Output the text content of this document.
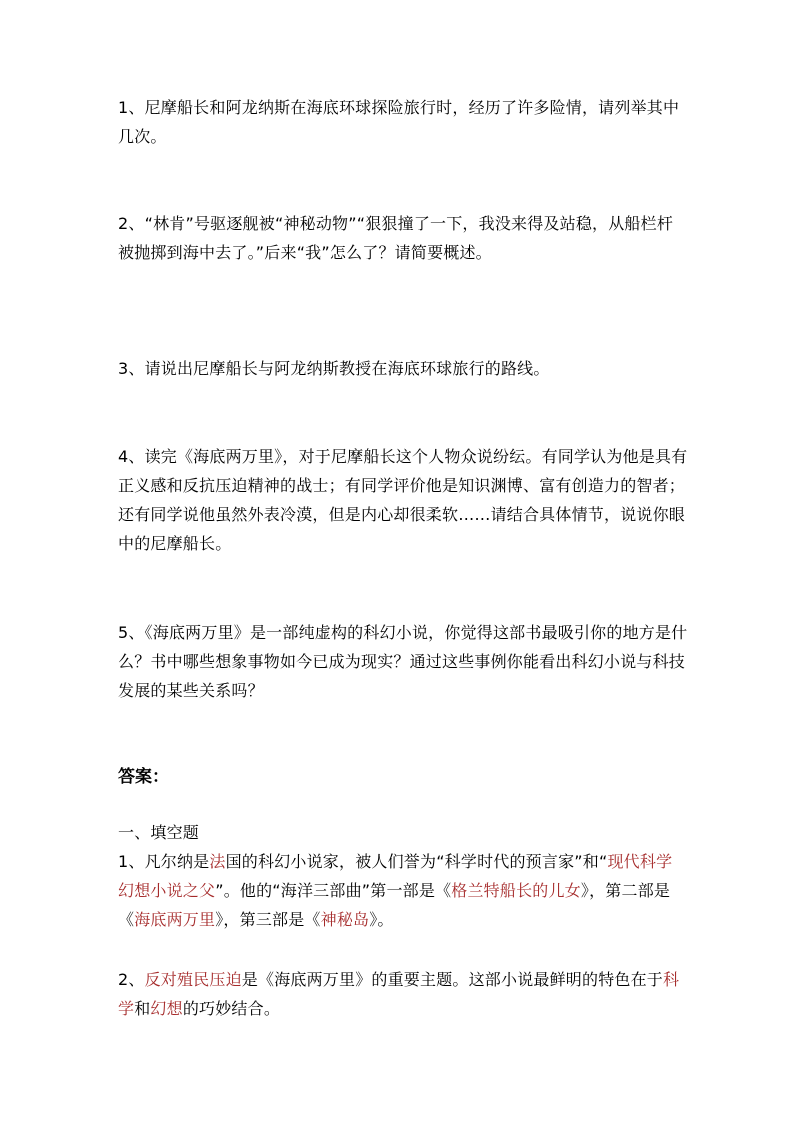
1、尼摩船长和阿龙纳斯在海底环球探险旅行时，经历了许多险情，请列举其中几次。

2、“林肯”号驱逐舰被“神秘动物”“狠狠撞了一下，我没来得及站稳，从船栏杆被抛掷到海中去了。”后来“我”怎么了？请简要概述。

3、请说出尼摩船长与阿龙纳斯教授在海底环球旅行的路线。

4、读完《海底两万里》，对于尼摩船长这个人物众说纷纭。有同学认为他是具有正义感和反抗压迫精神的战士；有同学评价他是知识渊博、富有创造力的智者；还有同学说他虽然外表冷漠，但是内心却很柔软……请结合具体情节，说说你眼中的尼摩船长。

5、《海底两万里》是一部纯虚构的科幻小说，你觉得这部书最吸引你的地方是什么？书中哪些想象事物如今已成为现实？通过这些事例你能看出科幻小说与科技发展的某些关系吗？

答案：

一、填空题

1、凡尔纳是法国的科幻小说家，被人们誉为“科学时代的预言家”和“现代科学幻想小说之父”。他的“海洋三部曲”第一部是《格兰特船长的儿女》，第二部是《海底两万里》，第三部是《神秘岛》。

2、反对殖民压迫是《海底两万里》的重要主题。这部小说最鲜明的特色在于科学和幻想的巧妙结合。
